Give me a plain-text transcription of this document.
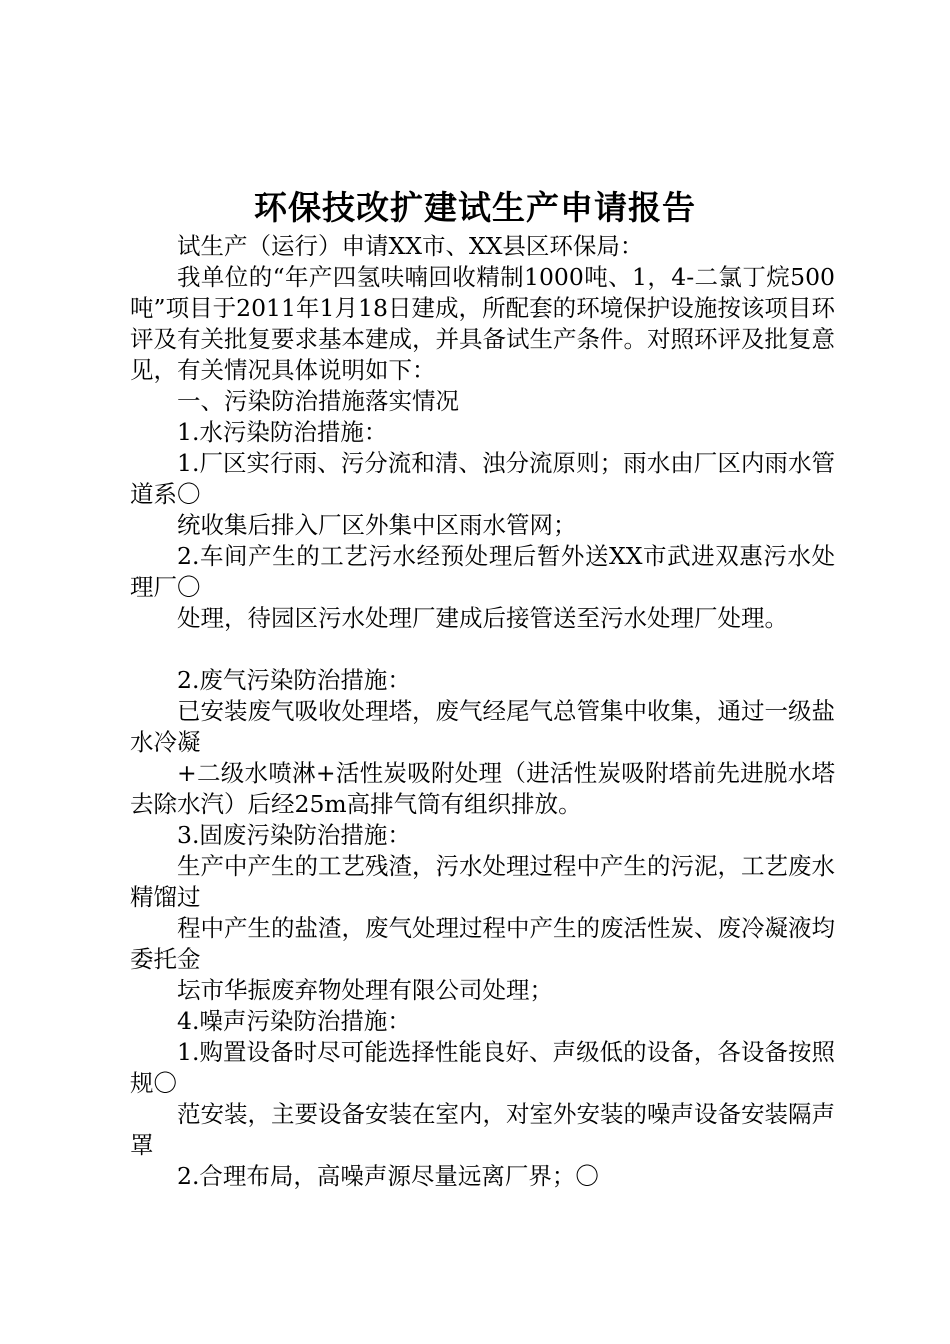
环保技改扩建试生产申请报告

试生产（运行）申请XX市、XX县区环保局：

我单位的“年产四氢呋喃回收精制1000吨、1，4-二氯丁烷500吨”项目于2011年1月18日建成，所配套的环境保护设施按该项目环评及有关批复要求基本建成，并具备试生产条件。对照环评及批复意见，有关情况具体说明如下：

一、污染防治措施落实情况

1.水污染防治措施：

1.厂区实行雨、污分流和清、浊分流原则；雨水由厂区内雨水管道系〇

统收集后排入厂区外集中区雨水管网；

2.车间产生的工艺污水经预处理后暂外送XX市武进双惠污水处理厂〇

处理，待园区污水处理厂建成后接管送至污水处理厂处理。

2.废气污染防治措施：

已安装废气吸收处理塔，废气经尾气总管集中收集，通过一级盐水冷凝

+二级水喷淋+活性炭吸附处理（进活性炭吸附塔前先进脱水塔去除水汽）后经25m高排气筒有组织排放。

3.固废污染防治措施：

生产中产生的工艺残渣，污水处理过程中产生的污泥，工艺废水精馏过

程中产生的盐渣，废气处理过程中产生的废活性炭、废冷凝液均委托金

坛市华振废弃物处理有限公司处理；

4.噪声污染防治措施：

1.购置设备时尽可能选择性能良好、声级低的设备，各设备按照规〇

范安装，主要设备安装在室内，对室外安装的噪声设备安装隔声罩

2.合理布局，高噪声源尽量远离厂界；〇
